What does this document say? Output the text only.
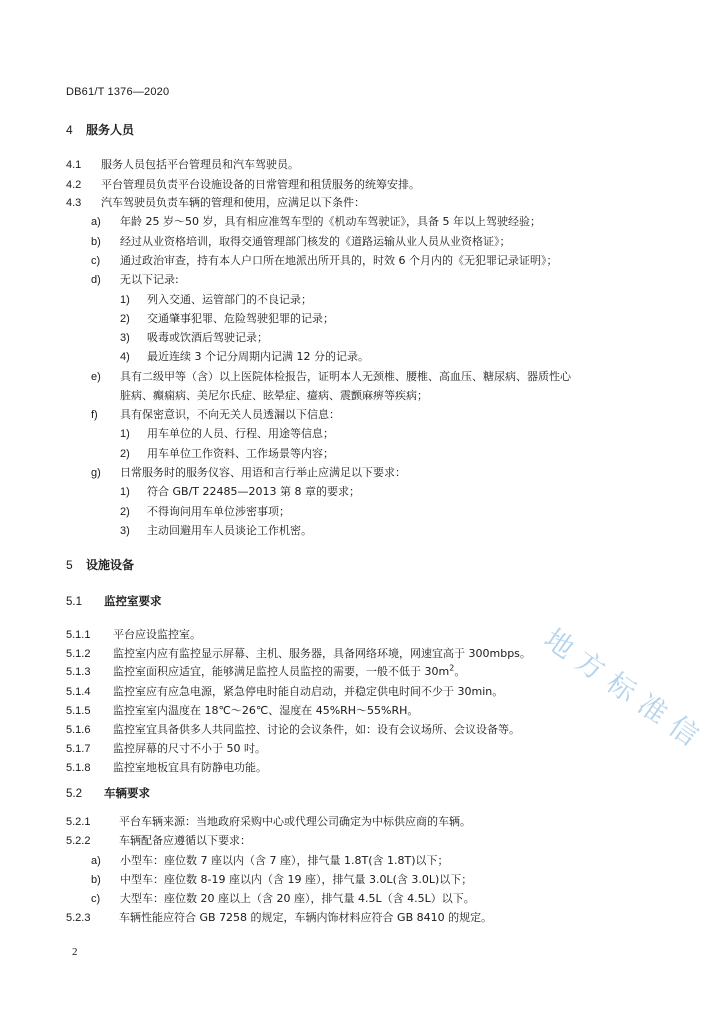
DB61/T 1376—2020
4 服务人员
4.1 服务人员包括平台管理员和汽车驾驶员。
4.2 平台管理员负责平台设施设备的日常管理和租赁服务的统筹安排。
4.3 汽车驾驶员负责车辆的管理和使用，应满足以下条件：
a) 年龄 25 岁～50 岁，具有相应准驾车型的《机动车驾驶证》，具备 5 年以上驾驶经验；
b) 经过从业资格培训，取得交通管理部门核发的《道路运输从业人员从业资格证》；
c) 通过政治审查，持有本人户口所在地派出所开具的，时效 6 个月内的《无犯罪记录证明》；
d) 无以下记录:
1) 列入交通、运管部门的不良记录；
2) 交通肇事犯罪、危险驾驶犯罪的记录；
3) 吸毒或饮酒后驾驶记录；
4) 最近连续 3 个记分周期内记满 12 分的记录。
e) 具有二级甲等（含）以上医院体检报告，证明本人无颈椎、腰椎、高血压、糖尿病、器质性心
脏病、癫痫病、美尼尔氏症、眩晕症、癔病、震颤麻痹等疾病；
f) 具有保密意识，不向无关人员透漏以下信息：
1) 用车单位的人员、行程、用途等信息；
2) 用车单位工作资料、工作场景等内容；
g) 日常服务时的服务仪容、用语和言行举止应满足以下要求：
1) 符合 GB/T 22485—2013 第 8 章的要求；
2) 不得询问用车单位涉密事项；
3) 主动回避用车人员谈论工作机密。
5 设施设备
5.1 监控室要求
5.1.1 平台应设监控室。
5.1.2 监控室内应有监控显示屏幕、主机、服务器，具备网络环境，网速宜高于 300mbps。
5.1.3 监控室面积应适宜，能够满足监控人员监控的需要，一般不低于 $30m^2$。
5.1.4 监控室应有应急电源，紧急停电时能自动启动，并稳定供电时间不少于 30min。
5.1.5 监控室室内温度在 18℃～26℃、湿度在 45%RH～55%RH。
5.1.6 监控室宜具备供多人共同监控、讨论的会议条件，如：设有会议场所、会议设备等。
5.1.7 监控屏幕的尺寸不小于 50 吋。
5.1.8 监控室地板宜具有防静电功能。
5.2 车辆要求
5.2.1	平台车辆来源：当地政府采购中心或代理公司确定为中标供应商的车辆。
5.2.2	车辆配备应遵循以下要求：
a) 小型车：座位数 7 座以内（含 7 座），排气量 1.8T(含 1.8T)以下；
b) 中型车：座位数 8-19 座以内（含 19 座），排气量 3.0L(含 3.0L)以下；
c) 大型车：座位数 20 座以上（含 20 座），排气量 4.5L（含 4.5L）以下。
5.2.3	车辆性能应符合 GB 7258 的规定，车辆内饰材料应符合 GB 8410 的规定。
2
地方标准信
